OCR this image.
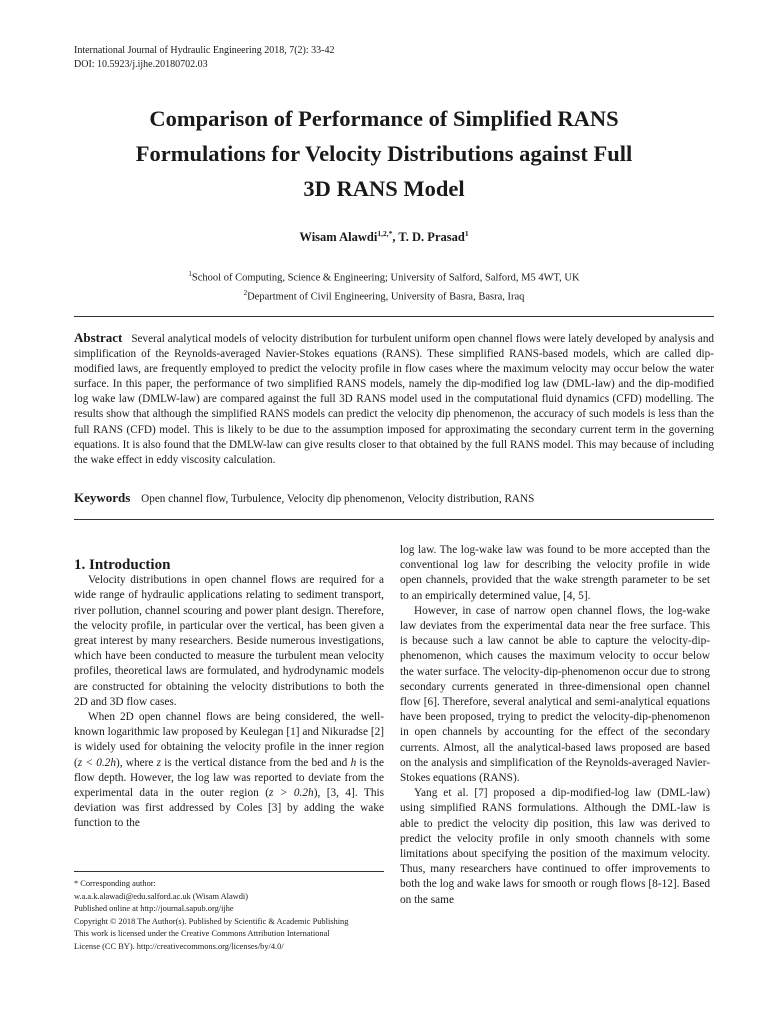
International Journal of Hydraulic Engineering 2018, 7(2): 33-42
DOI: 10.5923/j.ijhe.20180702.03
Comparison of Performance of Simplified RANS
Formulations for Velocity Distributions against Full
3D RANS Model
Wisam Alawdi$^{1,2,*}$, T. D. Prasad$^1$
$^1$School of Computing, Science & Engineering; University of Salford, Salford, M5 4WT, UK
$^2$Department of Civil Engineering, University of Basra, Basra, Iraq
Abstract Several analytical models of velocity distribution for turbulent uniform open channel flows were lately developed by analysis and simplification of the Reynolds-averaged Navier-Stokes equations (RANS). These simplified RANS-based models, which are called dip-modified laws, are frequently employed to predict the velocity profile in flow cases where the maximum velocity may occur below the water surface. In this paper, the performance of two simplified RANS models, namely the dip-modified log law (DML-law) and the dip-modified log wake law (DMLW-law) are compared against the full 3D RANS model used in the computational fluid dynamics (CFD) modelling. The results show that although the simplified RANS models can predict the velocity dip phenomenon, the accuracy of such models is less than the full RANS (CFD) model. This is likely to be due to the assumption imposed for approximating the secondary current term in the governing equations. It is also found that the DMLW-law can give results closer to that obtained by the full RANS model. This may because of including the wake effect in eddy viscosity calculation.
Keywords Open channel flow, Turbulence, Velocity dip phenomenon, Velocity distribution, RANS

1. Introduction

Velocity distributions in open channel flows are required for a wide range of hydraulic applications relating to sediment transport, river pollution, channel scouring and power plant design. Therefore, the velocity profile, in particular over the vertical, has been given a great interest by many researchers. Beside numerous investigations, which have been conducted to measure the turbulent mean velocity profiles, theoretical laws are formulated, and hydrodynamic models are constructed for obtaining the velocity distributions to both the 2D and 3D flow cases.

When 2D open channel flows are being considered, the well-known logarithmic law proposed by Keulegan [1] and Nikuradse [2] is widely used for obtaining the velocity profile in the inner region (z < 0.2h), where z is the vertical distance from the bed and h is the flow depth. However, the log law was reported to deviate from the experimental data in the outer region (z > 0.2h), [3, 4]. This deviation was first addressed by Coles [3] by adding the wake function to the

log law. The log-wake law was found to be more accepted than the conventional log law for describing the velocity profile in wide open channels, provided that the wake strength parameter to be set to an empirically determined value, [4, 5].

However, in case of narrow open channel flows, the log-wake law deviates from the experimental data near the free surface. This is because such a law cannot be able to capture the velocity-dip-phenomenon, which causes the maximum velocity to occur below the water surface. The velocity-dip-phenomenon occur due to strong secondary currents generated in three-dimensional open channel flow [6]. Therefore, several analytical and semi-analytical equations have been proposed, trying to predict the velocity-dip-phenomenon in open channels by accounting for the effect of the secondary currents. Almost, all the analytical-based laws proposed are based on the analysis and simplification of the Reynolds-averaged Navier-Stokes equations (RANS).

Yang et al. [7] proposed a dip-modified-log law (DML-law) using simplified RANS formulations. Although the DML-law is able to predict the velocity dip position, this law was derived to predict the velocity profile in only smooth channels with some limitations about specifying the position of the maximum velocity. Thus, many researchers have continued to offer improvements to both the log and wake laws for smooth or rough flows [8-12]. Based on the same

* Corresponding author:
w.a.a.k.alawadi@edu.salford.ac.uk (Wisam Alawdi)
Published online at http://journal.sapub.org/ijhe
Copyright © 2018 The Author(s). Published by Scientific & Academic Publishing
This work is licensed under the Creative Commons Attribution International
License (CC BY). http://creativecommons.org/licenses/by/4.0/
